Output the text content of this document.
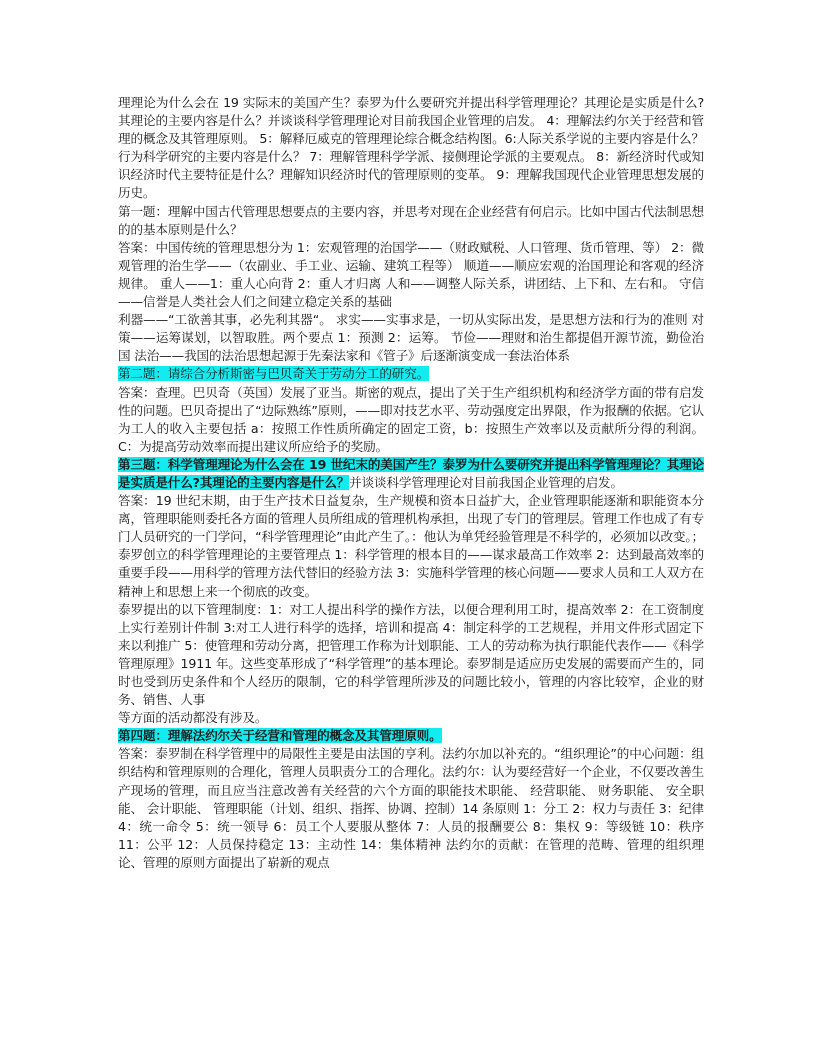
理理论为什么会在 19 实际末的美国产生？泰罗为什么要研究并提出科学管理理论？其理论是实质是什么?其理论的主要内容是什么？并谈谈科学管理理论对目前我国企业管理的启发。 4：理解法约尔关于经营和管理的概念及其管理原则。 5：解释厄威克的管理理论综合概念结构图。6:人际关系学说的主要内容是什么？行为科学研究的主要内容是什么？ 7：理解管理科学学派、接侧理论学派的主要观点。 8：新经济时代或知识经济时代主要特征是什么？理解知识经济时代的管理原则的变革。 9：理解我国现代企业管理思想发展的历史。

第一题：理解中国古代管理思想要点的主要内容，并思考对现在企业经营有何启示。比如中国古代法制思想的的基本原则是什么？

答案：中国传统的管理思想分为 1：宏观管理的治国学——（财政赋税、人口管理、货币管理、等） 2：微观管理的治生学——（农副业、手工业、运输、建筑工程等） 顺道——顺应宏观的治国理论和客观的经济规律。 重人——1：重人心向背 2：重人才归离 人和——调整人际关系，讲团结、上下和、左右和。 守信——信誉是人类社会人们之间建立稳定关系的基础

利器——“工欲善其事，必先利其器“。 求实——实事求是，一切从实际出发，是思想方法和行为的准则 对策——运筹谋划，以智取胜。两个要点 1：预测 2：运筹。 节俭——理财和治生都提倡开源节流，勤俭治国 法治——我国的法治思想起源于先秦法家和《管子》后逐渐演变成一套法治体系

第二题：请综合分析斯密与巴贝奇关于劳动分工的研究。

答案：查理。巴贝奇（英国）发展了亚当。斯密的观点，提出了关于生产组织机构和经济学方面的带有启发性的问题。巴贝奇提出了“边际熟练”原则，——即对技艺水平、劳动强度定出界限，作为报酬的依据。它认为工人的收入主要包括 a：按照工作性质所确定的固定工资，b：按照生产效率以及贡献所分得的利润。C：为提高劳动效率而提出建议所应给予的奖励。

第三题：科学管理理论为什么会在 19 世纪末的美国产生？泰罗为什么要研究并提出科学管理理论？其理论是实质是什么?其理论的主要内容是什么？并谈谈科学管理理论对目前我国企业管理的启发。

答案：19 世纪末期，由于生产技术日益复杂，生产规模和资本日益扩大，企业管理职能逐渐和职能资本分离，管理职能则委托各方面的管理人员所组成的管理机构承担，出现了专门的管理层。管理工作也成了有专门人员研究的一门学问，“科学管理理论”由此产生了。：他认为单凭经验管理是不科学的，必须加以改变。；泰罗创立的科学管理理论的主要管理点 1：科学管理的根本目的——谋求最高工作效率 2：达到最高效率的重要手段——用科学的管理方法代替旧的经验方法 3：实施科学管理的核心问题——要求人员和工人双方在精神上和思想上来一个彻底的改变。

泰罗提出的以下管理制度：1：对工人提出科学的操作方法，以便合理利用工时，提高效率 2：在工资制度上实行差别计件制 3:对工人进行科学的选择，培训和提高 4：制定科学的工艺规程，并用文件形式固定下来以利推广 5：使管理和劳动分离，把管理工作称为计划职能、工人的劳动称为执行职能代表作——《科学管理原理》1911 年。这些变革形成了“科学管理”的基本理论。泰罗制是适应历史发展的需要而产生的，同时也受到历史条件和个人经历的限制，它的科学管理所涉及的问题比较小，管理的内容比较窄，企业的财务、销售、人事

等方面的活动都没有涉及。

第四题：理解法约尔关于经营和管理的概念及其管理原则。

答案：泰罗制在科学管理中的局限性主要是由法国的亨利。法约尔加以补充的。“组织理论”的中心问题：组织结构和管理原则的合理化，管理人员职责分工的合理化。法约尔：认为要经营好一个企业，不仅要改善生产现场的管理，而且应当注意改善有关经营的六个方面的职能技术职能、 经营职能、 财务职能、 安全职能、 会计职能、 管理职能（计划、组织、指挥、协调、控制）14 条原则 1：分工 2：权力与责任 3：纪律 4：统一命令 5：统一领导 6：员工个人要服从整体 7：人员的报酬要公 8：集权 9：等级链 10：秩序 11：公平 12：人员保持稳定 13：主动性 14：集体精神 法约尔的贡献：在管理的范畴、管理的组织理论、管理的原则方面提出了崭新的观点
